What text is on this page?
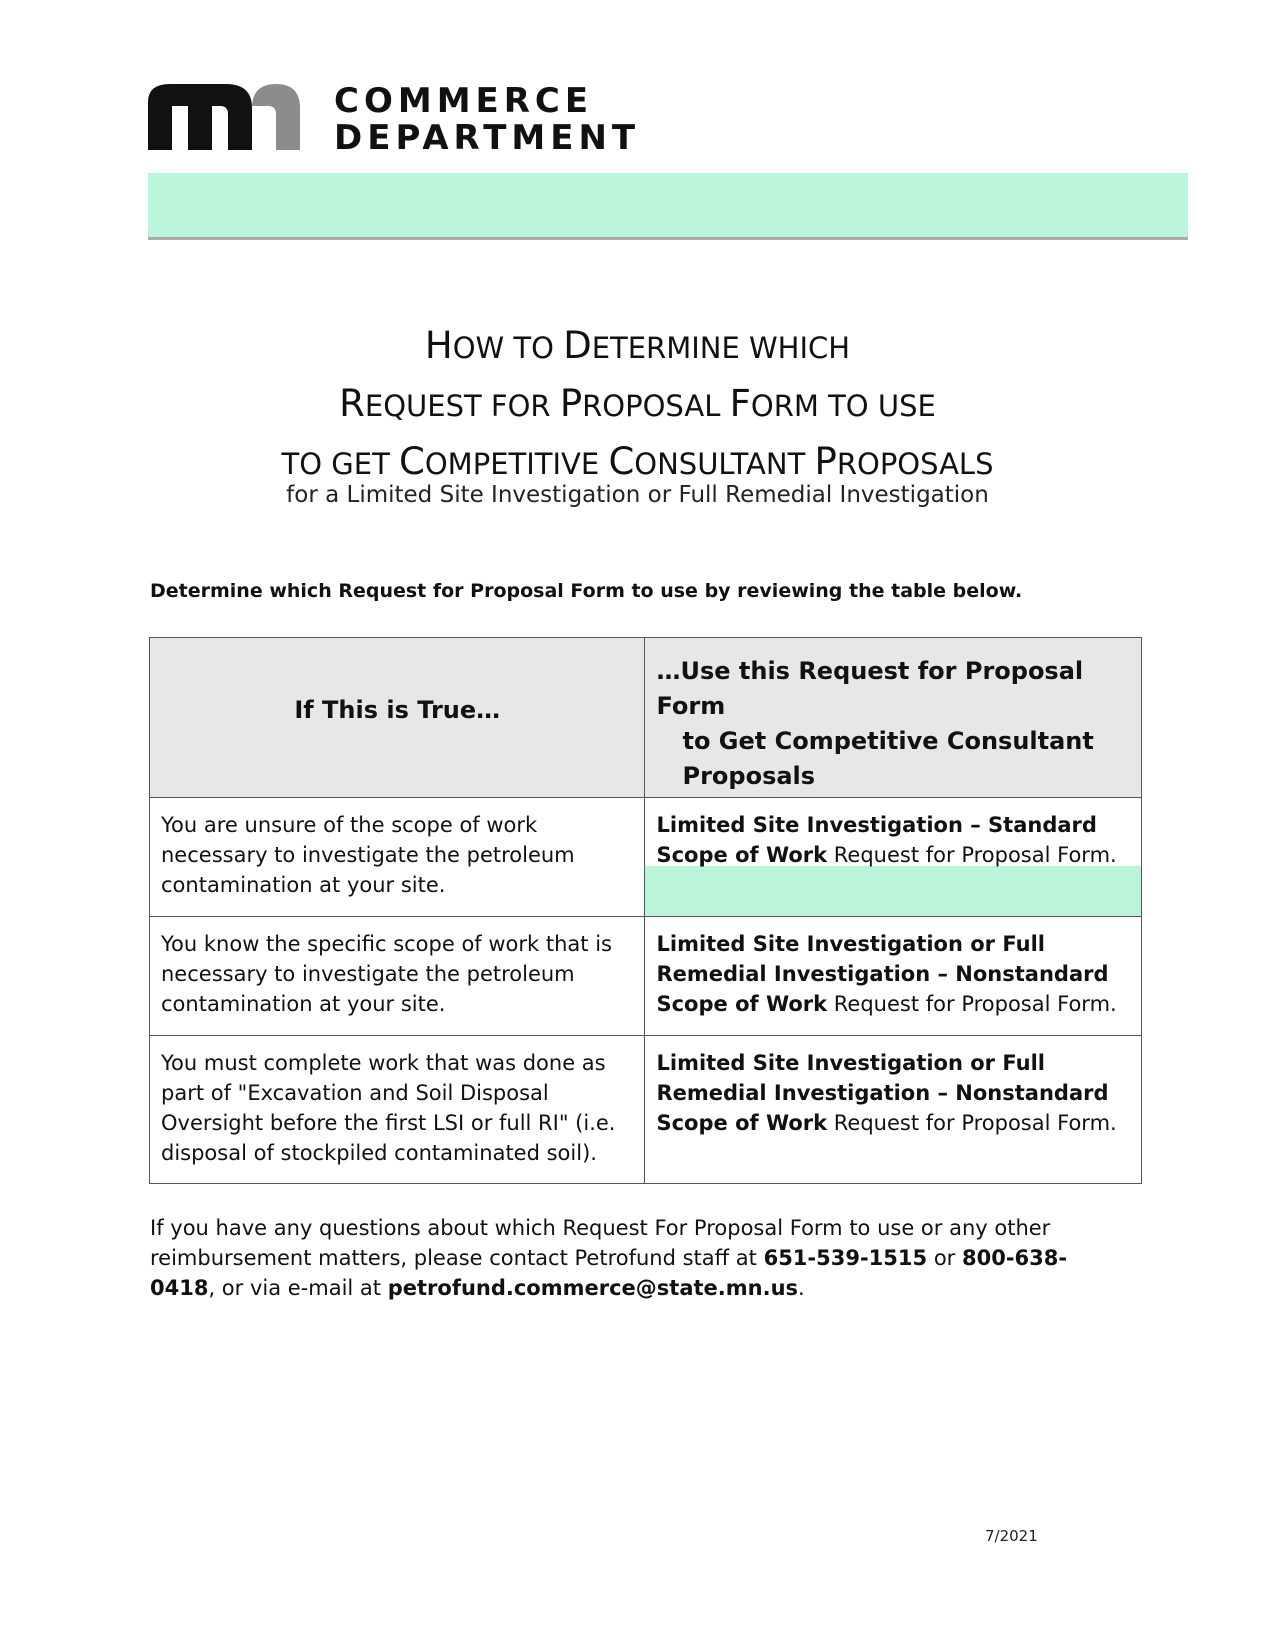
COMMERCE
DEPARTMENT
HOW TO DETERMINE WHICH
REQUEST FOR PROPOSAL FORM TO USE
TO GET COMPETITIVE CONSULTANT PROPOSALS
for a Limited Site Investigation or Full Remedial Investigation
Determine which Request for Proposal Form to use by reviewing the table below.
If This is True…	…Use this Request for Proposal Form
to Get Competitive Consultant
Proposals

You are unsure of the scope of work necessary to investigate the petroleum contamination at your site.	Limited Site Investigation – Standard Scope of Work Request for Proposal Form.

You know the specific scope of work that is necessary to investigate the petroleum contamination at your site.	Limited Site Investigation or Full Remedial Investigation – Nonstandard Scope of Work Request for Proposal Form.
You must complete work that was done as part of "Excavation and Soil Disposal Oversight before the first LSI or full RI" (i.e. disposal of stockpiled contaminated soil).	Limited Site Investigation or Full Remedial Investigation – Nonstandard Scope of Work Request for Proposal Form.
If you have any questions about which Request For Proposal Form to use or any other reimbursement matters, please contact Petrofund staff at 651-539-1515 or 800-638-0418, or via e-mail at petrofund.commerce@state.mn.us.
7/2021
